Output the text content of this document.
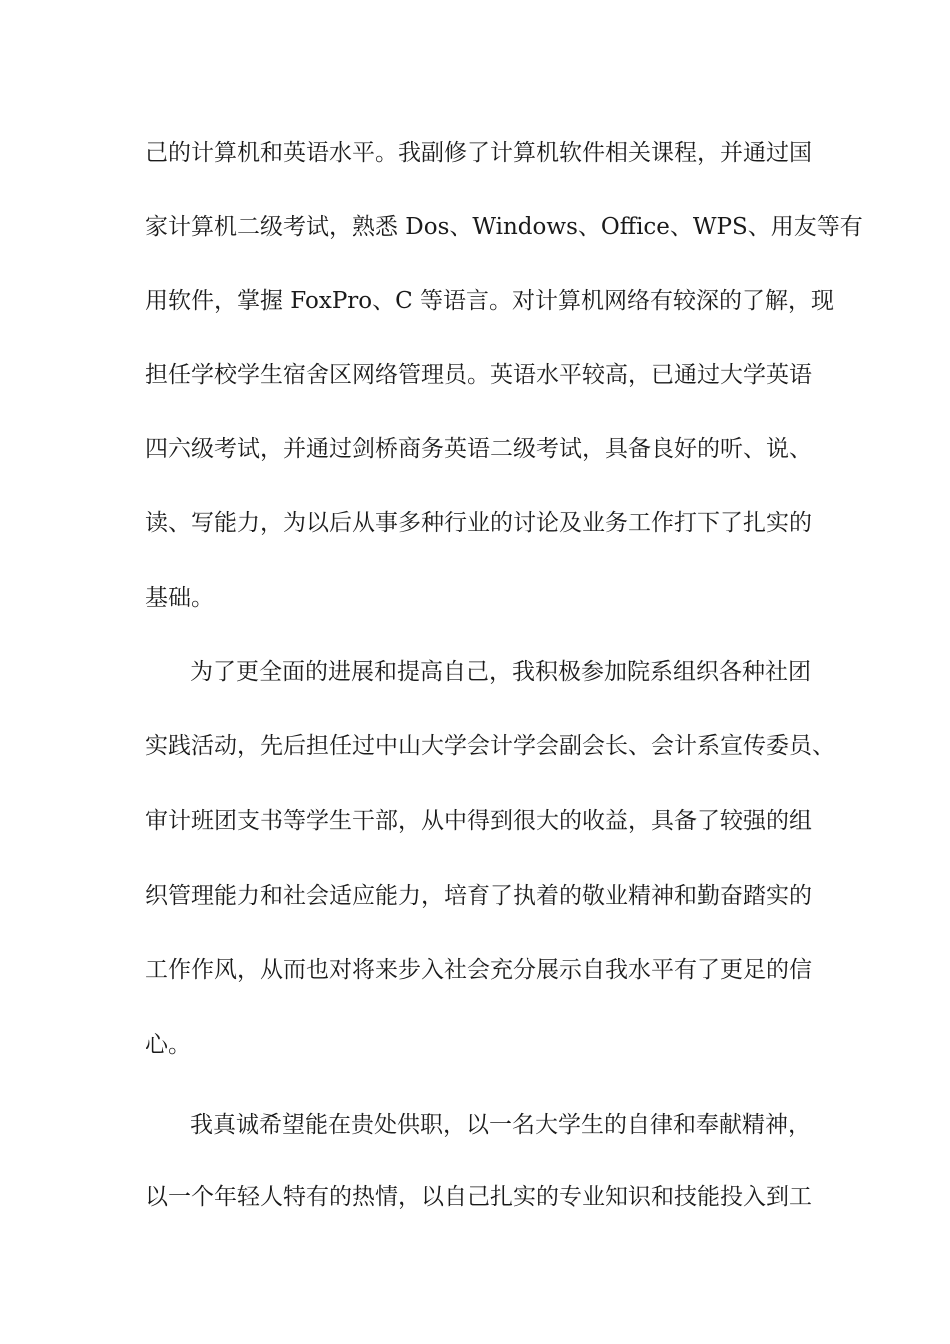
己的计算机和英语水平。我副修了计算机软件相关课程，并通过国
家计算机二级考试，熟悉 Dos、Windows、Office、WPS、用友等有
用软件，掌握 FoxPro、C 等语言。对计算机网络有较深的了解，现
担任学校学生宿舍区网络管理员。英语水平较高，已通过大学英语
四六级考试，并通过剑桥商务英语二级考试，具备良好的听、说、
读、写能力，为以后从事多种行业的讨论及业务工作打下了扎实的
基础。
为了更全面的进展和提高自己，我积极参加院系组织各种社团
实践活动，先后担任过中山大学会计学会副会长、会计系宣传委员、
审计班团支书等学生干部，从中得到很大的收益，具备了较强的组
织管理能力和社会适应能力，培育了执着的敬业精神和勤奋踏实的
工作作风，从而也对将来步入社会充分展示自我水平有了更足的信
心。
我真诚希望能在贵处供职，以一名大学生的自律和奉献精神，
以一个年轻人特有的热情，以自己扎实的专业知识和技能投入到工
